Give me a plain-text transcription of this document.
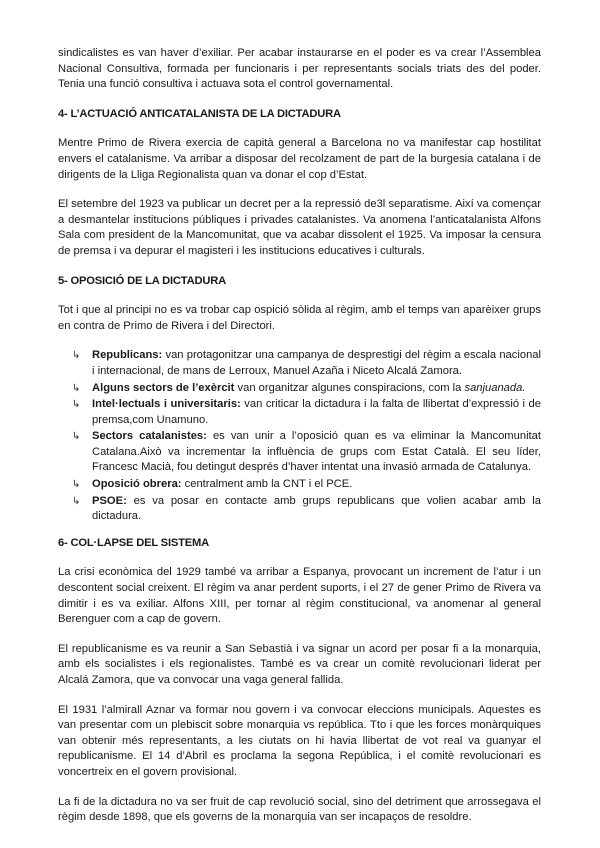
sindicalistes es van haver d’exiliar. Per acabar instaurarse en el poder es va crear l’Assemblea Nacional Consultiva, formada per funcionaris i per representants socials triats des del poder. Tenia una funció consultiva i actuava sota el control governamental.

4- L’ACTUACIÓ ANTICATALANISTA DE LA DICTADURA

Mentre Primo de Rivera exercia de capità general a Barcelona no va manifestar cap hostilitat envers el catalanisme. Va arribar a disposar del recolzament de part de la burgesia catalana i de dirigents de la Lliga Regionalista quan va donar el cop d’Estat.

El setembre del 1923 va publicar un decret per a la repressió de3l separatisme. Així va començar a desmantelar institucions públiques i privades catalanistes. Va anomena l’anticatalanista Alfons Sala com president de la Mancomunitat, que va acabar dissolent el 1925. Va imposar la censura de premsa i va depurar el magisteri i les institucions educatives i culturals.

5- OPOSICIÓ DE LA DICTADURA

Tot i que al principi no es va trobar cap ospició sòlida al règim, amb el temps van aparèixer grups en contra de Primo de Rivera i del Directori.

↳ Republicans: van protagonitzar una campanya de desprestigi del règim a escala nacional i internacional, de mans de Lerroux, Manuel Azaña i Niceto Alcalá Zamora.
↳ Alguns sectors de l’exèrcit van organitzar algunes conspiracions, com la sanjuanada.
↳ Intel·lectuals i universitaris: van criticar la dictadura i la falta de llibertat d’expressió i de premsa,com Unamuno.
↳ Sectors catalanistes: es van unir a l’oposició quan es va eliminar la Mancomunitat Catalana.Això va incrementar la influència de grups com Estat Català. El seu líder, Francesc Macià, fou detingut després d’haver intentat una invasió armada de Catalunya.
↳ Oposició obrera: centralment amb la CNT i el PCE.
↳ PSOE: es va posar en contacte amb grups republicans que volien acabar amb la dictadura.
6- COL·LAPSE DEL SISTEMA

La crisi econòmica del 1929 també va arribar a Espanya, provocant un increment de l’atur i un descontent social creixent. El règim va anar perdent suports, i el 27 de gener Primo de Rivera va dimitir i es va exiliar. Alfons XIII, per tornar al règim constitucional, va anomenar al general Berenguer com a cap de govern.

El republicanisme es va reunir a San Sebastià i va signar un acord per posar fi a la monarquia, amb els socialistes i els regionalistes. També es va crear un comitè revolucionari liderat per Alcalá Zamora, que va convocar una vaga general fallida.

El 1931 l’almirall Aznar va formar nou govern i va convocar eleccions municipals. Aquestes es van presentar com un plebiscit sobre monarquia vs república. Tto i que les forces monàrquiques van obtenir més representants, a les ciutats on hi havia llibertat de vot real va guanyar el republicanisme. El 14 d’Abril es proclama la segona República, i el comitè revolucionari es voncertreix en el govern provisional.

La fi de la dictadura no va ser fruit de cap revolució social, sino del detriment que arrossegava el règim desde 1898, que els governs de la monarquia van ser incapaços de resoldre.
